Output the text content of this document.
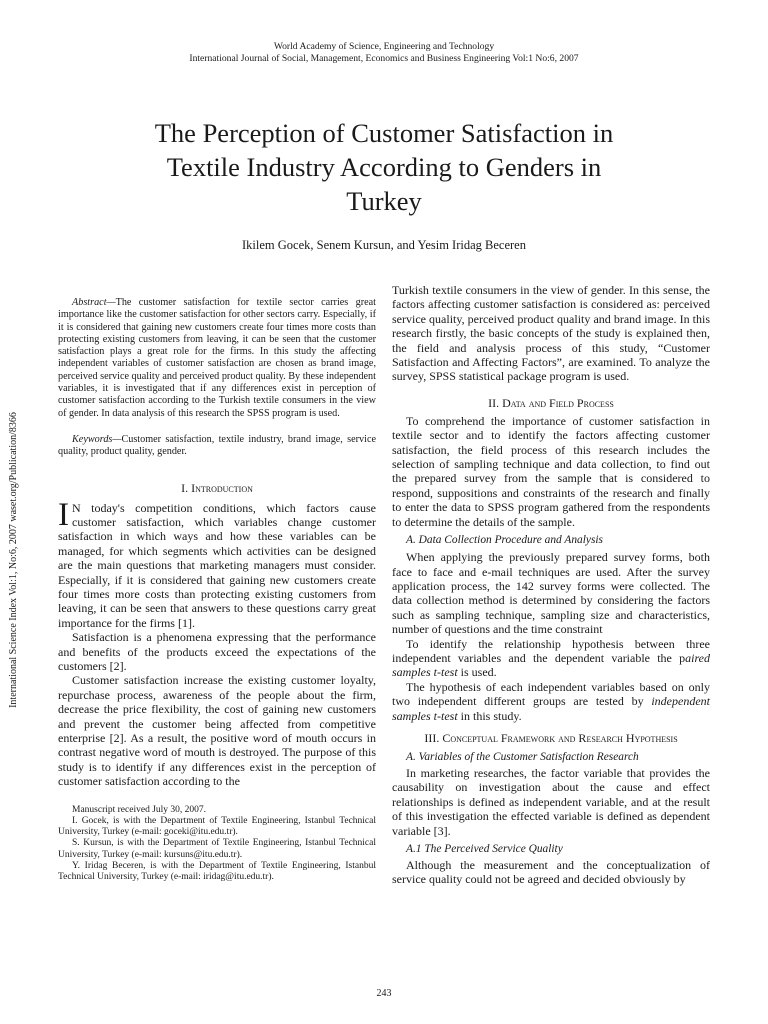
World Academy of Science, Engineering and Technology
International Journal of Social, Management, Economics and Business Engineering Vol:1 No:6, 2007
The Perception of Customer Satisfaction in
Textile Industry According to Genders in
Turkey
Ikilem Gocek, Senem Kursun, and Yesim Iridag Beceren
International Science Index Vol:1, No:6, 2007 waset.org/Publication/8366

Abstract—The customer satisfaction for textile sector carries great importance like the customer satisfaction for other sectors carry. Especially, if it is considered that gaining new customers create four times more costs than protecting existing customers from leaving, it can be seen that the customer satisfaction plays a great role for the firms. In this study the affecting independent variables of customer satisfaction are chosen as brand image, perceived service quality and perceived product quality. By these independent variables, it is investigated that if any differences exist in perception of customer satisfaction according to the Turkish textile consumers in the view of gender. In data analysis of this research the SPSS program is used.

Keywords—Customer satisfaction, textile industry, brand image, service quality, product quality, gender.

I. Introduction

I N today's competition conditions, which factors cause customer satisfaction, which variables change customer satisfaction in which ways and how these variables can be managed, for which segments which activities can be designed are the main questions that marketing managers must consider. Especially, if it is considered that gaining new customers create four times more costs than protecting existing customers from leaving, it can be seen that answers to these questions carry great importance for the firms [1].

Satisfaction is a phenomena expressing that the performance and benefits of the products exceed the expectations of the customers [2].

Customer satisfaction increase the existing customer loyalty, repurchase process, awareness of the people about the firm, decrease the price flexibility, the cost of gaining new customers and prevent the customer being affected from competitive enterprise [2]. As a result, the positive word of mouth occurs in contrast negative word of mouth is destroyed. The purpose of this study is to identify if any differences exist in the perception of customer satisfaction according to the

Manuscript received July 30, 2007.

I. Gocek, is with the Department of Textile Engineering, Istanbul Technical University, Turkey (e-mail: goceki@itu.edu.tr).

S. Kursun, is with the Department of Textile Engineering, Istanbul Technical University, Turkey (e-mail: kursuns@itu.edu.tr).

Y. Iridag Beceren, is with the Department of Textile Engineering, Istanbul Technical University, Turkey (e-mail: iridag@itu.edu.tr).

Turkish textile consumers in the view of gender. In this sense, the factors affecting customer satisfaction is considered as: perceived service quality, perceived product quality and brand image. In this research firstly, the basic concepts of the study is explained then, the field and analysis process of this study, “Customer Satisfaction and Affecting Factors”, are examined. To analyze the survey, SPSS statistical package program is used.

II. Data and Field Process

To comprehend the importance of customer satisfaction in textile sector and to identify the factors affecting customer satisfaction, the field process of this research includes the selection of sampling technique and data collection, to find out the prepared survey from the sample that is considered to respond, suppositions and constraints of the research and finally to enter the data to SPSS program gathered from the respondents to determine the details of the sample.

A. Data Collection Procedure and Analysis

When applying the previously prepared survey forms, both face to face and e-mail techniques are used. After the survey application process, the 142 survey forms were collected. The data collection method is determined by considering the factors such as sampling technique, sampling size and characteristics, number of questions and the time constraint

To identify the relationship hypothesis between three independent variables and the dependent variable the paired samples t-test is used.

The hypothesis of each independent variables based on only two independent different groups are tested by independent samples t-test in this study.

III. Conceptual Framework and Research Hypothesis

A. Variables of the Customer Satisfaction Research

In marketing researches, the factor variable that provides the causability on investigation about the cause and effect relationships is defined as independent variable, and at the result of this investigation the effected variable is defined as dependent variable [3].

A.1 The Perceived Service Quality

Although the measurement and the conceptualization of service quality could not be agreed and decided obviously by

243
